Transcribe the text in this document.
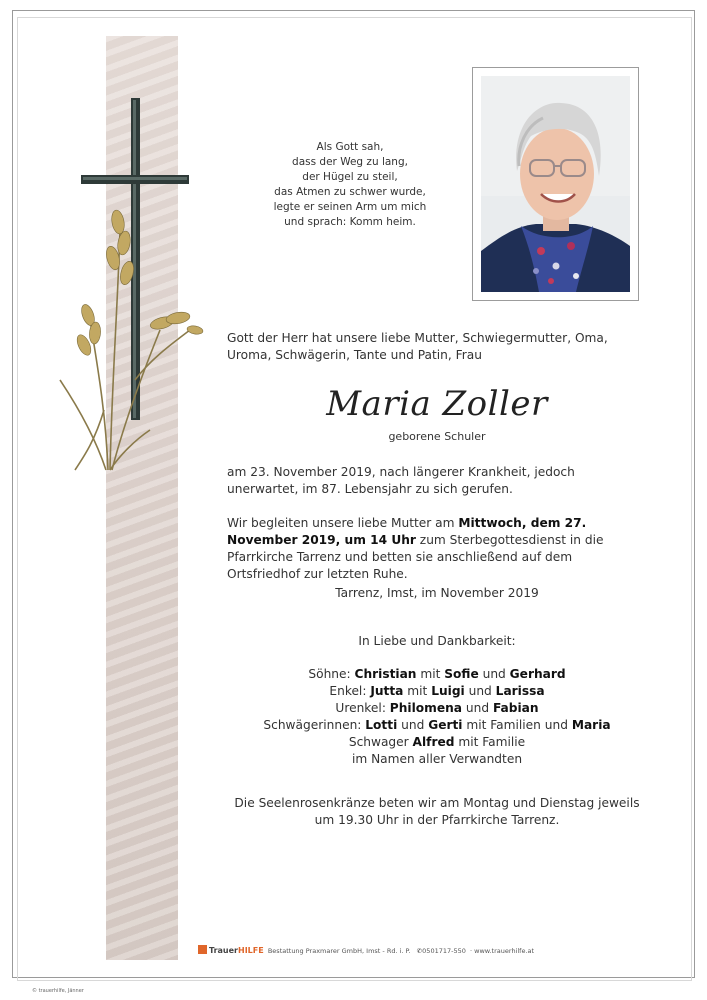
Als Gott sah,
dass der Weg zu lang,
der Hügel zu steil,
das Atmen zu schwer wurde,
legte er seinen Arm um mich
und sprach: Komm heim.
Gott der Herr hat unsere liebe Mutter, Schwiegermutter, Oma, Uroma, Schwägerin, Tante und Patin, Frau
Maria Zoller
geborene Schuler
am 23. November 2019, nach längerer Krankheit, jedoch unerwartet, im 87. Lebensjahr zu sich gerufen.
Wir begleiten unsere liebe Mutter am Mittwoch, dem 27. November 2019, um 14 Uhr zum Sterbegottesdienst in die Pfarrkirche Tarrenz und betten sie anschließend auf dem Ortsfriedhof zur letzten Ruhe.
Tarrenz, Imst, im November 2019
In Liebe und Dankbarkeit:
Söhne: Christian mit Sofie und Gerhard
Enkel: Jutta mit Luigi und Larissa
Urenkel: Philomena und Fabian
Schwägerinnen: Lotti und Gerti mit Familien und Maria
Schwager Alfred mit Familie
im Namen aller Verwandten
Die Seelenrosenkränze beten wir am Montag und Dienstag jeweils
um 19.30 Uhr in der Pfarrkirche Tarrenz.
TrauerHILFE Bestattung Praxmarer GmbH, Imst - Rd. i. P. ✆0501717-550  · www.trauerhilfe.at
© trauerhilfe, Jänner
